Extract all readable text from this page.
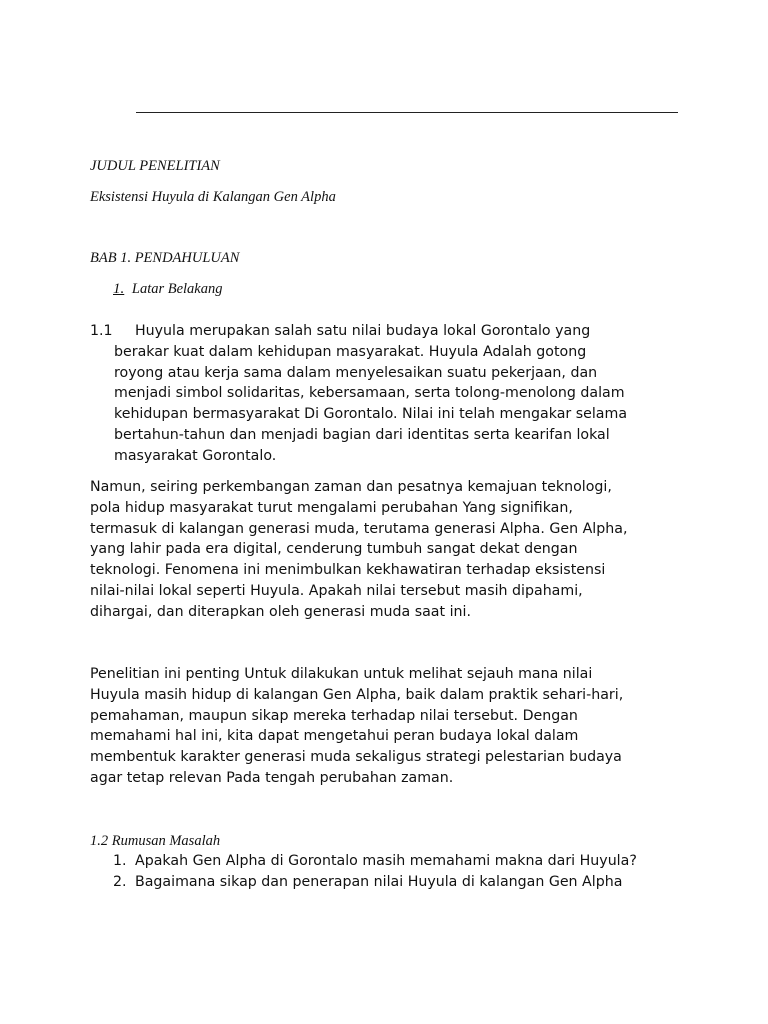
JUDUL PENELITIAN
Eksistensi Huyula di Kalangan Gen Alpha
BAB 1. PENDAHULUAN
1. Latar Belakang
1.1 Huyula merupakan salah satu nilai budaya lokal Gorontalo yang
berakar kuat dalam kehidupan masyarakat. Huyula Adalah gotong
royong atau kerja sama dalam menyelesaikan suatu pekerjaan, dan
menjadi simbol solidaritas, kebersamaan, serta tolong-menolong dalam
kehidupan bermasyarakat Di Gorontalo. Nilai ini telah mengakar selama
bertahun-tahun dan menjadi bagian dari identitas serta kearifan lokal
masyarakat Gorontalo.
Namun, seiring perkembangan zaman dan pesatnya kemajuan teknologi,
pola hidup masyarakat turut mengalami perubahan Yang signifikan,
termasuk di kalangan generasi muda, terutama generasi Alpha. Gen Alpha,
yang lahir pada era digital, cenderung tumbuh sangat dekat dengan
teknologi. Fenomena ini menimbulkan kekhawatiran terhadap eksistensi
nilai-nilai lokal seperti Huyula. Apakah nilai tersebut masih dipahami,
dihargai, dan diterapkan oleh generasi muda saat ini.
Penelitian ini penting Untuk dilakukan untuk melihat sejauh mana nilai
Huyula masih hidup di kalangan Gen Alpha, baik dalam praktik sehari-hari,
pemahaman, maupun sikap mereka terhadap nilai tersebut. Dengan
memahami hal ini, kita dapat mengetahui peran budaya lokal dalam
membentuk karakter generasi muda sekaligus strategi pelestarian budaya
agar tetap relevan Pada tengah perubahan zaman.
1.2 Rumusan Masalah
1. Apakah Gen Alpha di Gorontalo masih memahami makna dari Huyula?
2. Bagaimana sikap dan penerapan nilai Huyula di kalangan Gen Alpha
